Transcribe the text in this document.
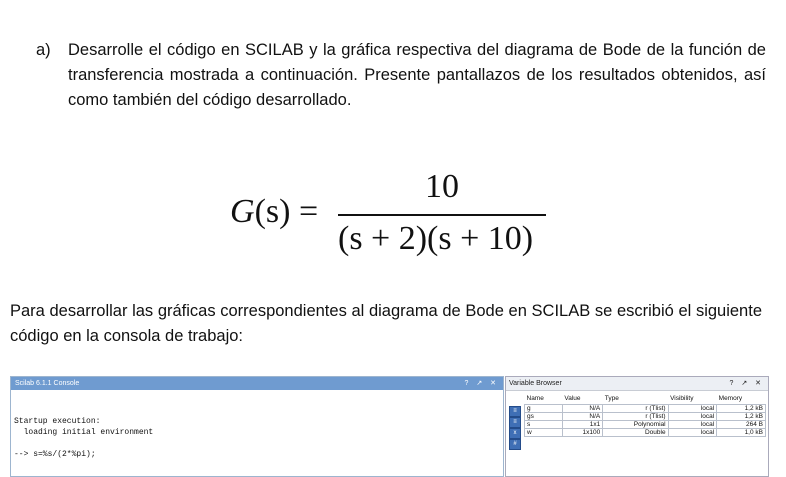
a) Desarrolle el código en SCILAB y la gráfica respectiva del diagrama de Bode de la función de transferencia mostrada a continuación. Presente pantallazos de los resultados obtenidos, así como también del código desarrollado.
G(s) =
10
(s + 2)(s + 10)
Para desarrollar las gráficas correspondientes al diagrama de Bode en SCILAB se escribió el siguiente código en la consola de trabajo:
Scilab 6.1.1 Console	? ↗ ✕
Startup execution:
loading initial environment
--> s=%s/(2*%pi);
Variable Browser	? ↗ ✕
≡
≡
x
#
Name	Value	Type	Visibility	Memory
g	N/A	r (Tlist)	local	1,2 kB
gs	N/A	r (Tlist)	local	1,2 kB
s	1x1	Polynomial	local	264 B
w	1x100	Double	local	1,0 kB
